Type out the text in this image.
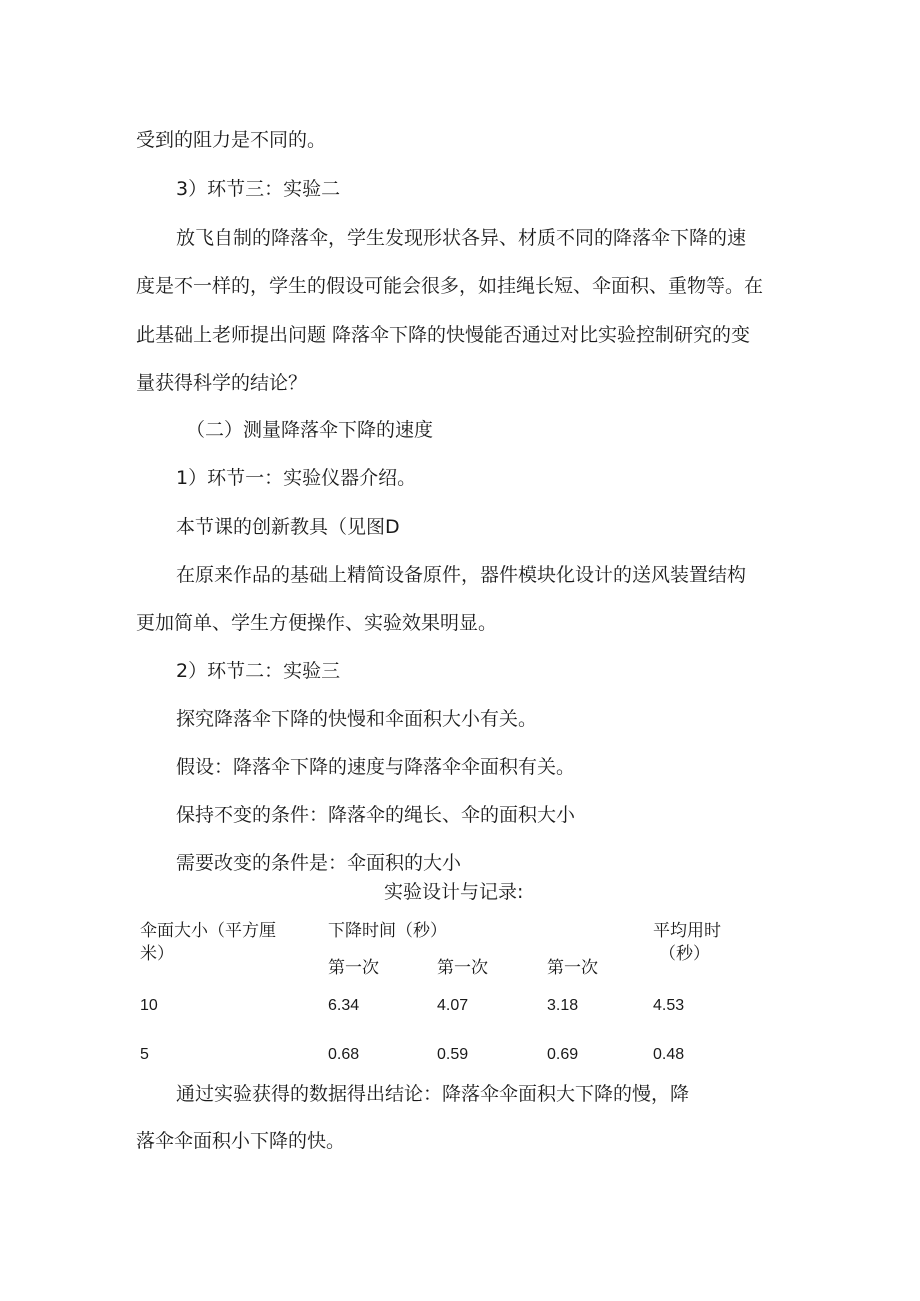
受到的阻力是不同的。
3）环节三：实验二
放飞自制的降落伞，学生发现形状各异、材质不同的降落伞下降的速
度是不一样的，学生的假设可能会很多，如挂绳长短、伞面积、重物等。在
此基础上老师提出问题 降落伞下降的快慢能否通过对比实验控制研究的变
量获得科学的结论？
（二）测量降落伞下降的速度
1）环节一：实验仪器介绍。
本节课的创新教具（见图D
在原来作品的基础上精简设备原件，器件模块化设计的送风装置结构
更加简单、学生方便操作、实验效果明显。
2）环节二：实验三
探究降落伞下降的快慢和伞面积大小有关。
假设：降落伞下降的速度与降落伞伞面积有关。
保持不变的条件：降落伞的绳长、伞的面积大小
需要改变的条件是：伞面积的大小
实验设计与记录:
伞面大小（平方厘
米）
下降时间（秒）	平均用时
（秒）
第一次	第一次	第一次
10	6.34	4.07	3.18	4.53
5	0.68	0.59	0.69	0.48
通过实验获得的数据得出结论：降落伞伞面积大下降的慢，降
落伞伞面积小下降的快。
